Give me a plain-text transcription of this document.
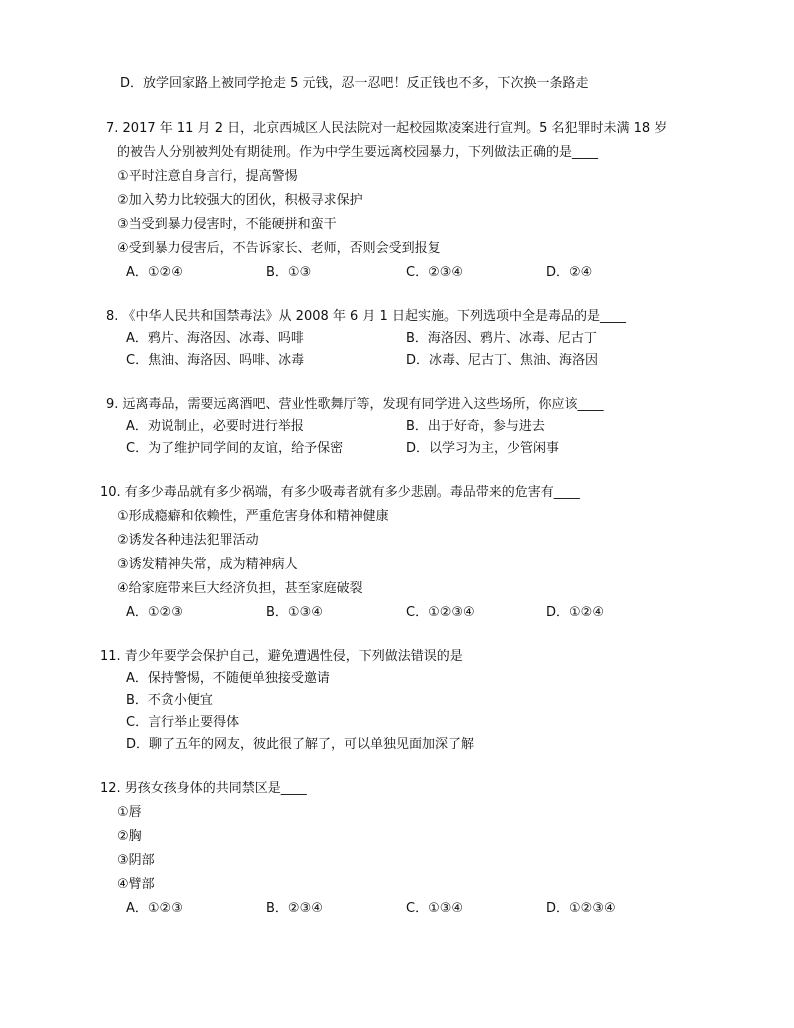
D．放学回家路上被同学抢走 5 元钱，忍一忍吧！反正钱也不多，下次换一条路走
7. 2017 年 11 月 2 日，北京西城区人民法院对一起校园欺凌案进行宣判。5 名犯罪时未满 18 岁
的被告人分别被判处有期徒刑。作为中学生要远离校园暴力，下列做法正确的是____
①平时注意自身言行，提高警惕
②加入势力比较强大的团伙，积极寻求保护
③当受到暴力侵害时，不能硬拼和蛮干
④受到暴力侵害后，不告诉家长、老师，否则会受到报复
A．①②④	B．①③	C．②③④	D．②④
8. 《中华人民共和国禁毒法》从 2008 年 6 月 1 日起实施。下列选项中全是毒品的是____
A．鸦片、海洛因、冰毒、吗啡	B．海洛因、鸦片、冰毒、尼古丁
C．焦油、海洛因、吗啡、冰毒	D．冰毒、尼古丁、焦油、海洛因
9. 远离毒品，需要远离酒吧、营业性歌舞厅等，发现有同学进入这些场所，你应该____
A．劝说制止，必要时进行举报	B．出于好奇，参与进去
C．为了维护同学间的友谊，给予保密	D．以学习为主，少管闲事
10. 有多少毒品就有多少祸端，有多少吸毒者就有多少悲剧。毒品带来的危害有____
①形成瘾癖和依赖性，严重危害身体和精神健康
②诱发各种违法犯罪活动
③诱发精神失常，成为精神病人
④给家庭带来巨大经济负担，甚至家庭破裂
A．①②③	B．①③④	C．①②③④	D．①②④
11. 青少年要学会保护自己，避免遭遇性侵，下列做法错误的是
A．保持警惕，不随便单独接受邀请
B．不贪小便宜
C．言行举止要得体
D．聊了五年的网友，彼此很了解了，可以单独见面加深了解
12. 男孩女孩身体的共同禁区是____
①唇
②胸
③阴部
④臂部
A．①②③	B．②③④	C．①③④	D．①②③④
